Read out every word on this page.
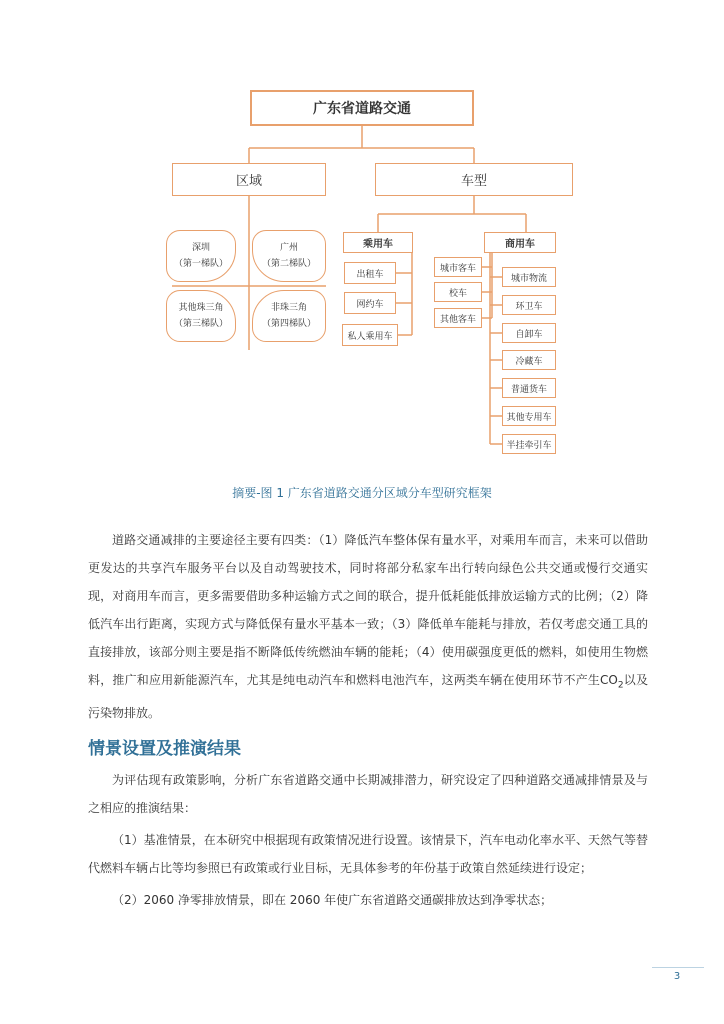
广东省道路交通
区域	车型
深圳
（第一梯队）
广州
（第二梯队）
其他珠三角
（第三梯队）
非珠三角
（第四梯队）
乘用车
出租车
网约车
私人乘用车
商用车
城市客车
校车
其他客车
城市物流
环卫车
自卸车
冷藏车
普通货车
其他专用车
半挂牵引车
摘要-图 1 广东省道路交通分区域分车型研究框架

道路交通减排的主要途径主要有四类：（1）降低汽车整体保有量水平，对乘用车而言，未来可以借助更发达的共享汽车服务平台以及自动驾驶技术，同时将部分私家车出行转向绿色公共交通或慢行交通实现，对商用车而言，更多需要借助多种运输方式之间的联合，提升低耗能低排放运输方式的比例；（2）降低汽车出行距离，实现方式与降低保有量水平基本一致；（3）降低单车能耗与排放，若仅考虑交通工具的直接排放，该部分则主要是指不断降低传统燃油车辆的能耗；（4）使用碳强度更低的燃料，如使用生物燃料，推广和应用新能源汽车，尤其是纯电动汽车和燃料电池汽车，这两类车辆在使用环节不产生$CO_2$以及污染物排放。

情景设置及推演结果

为评估现有政策影响，分析广东省道路交通中长期减排潜力，研究设定了四种道路交通减排情景及与之相应的推演结果：

（1）基准情景，在本研究中根据现有政策情况进行设置。该情景下，汽车电动化率水平、天然气等替代燃料车辆占比等均参照已有政策或行业目标，无具体参考的年份基于政策自然延续进行设定；

（2）2060 净零排放情景，即在 2060 年使广东省道路交通碳排放达到净零状态；

3
